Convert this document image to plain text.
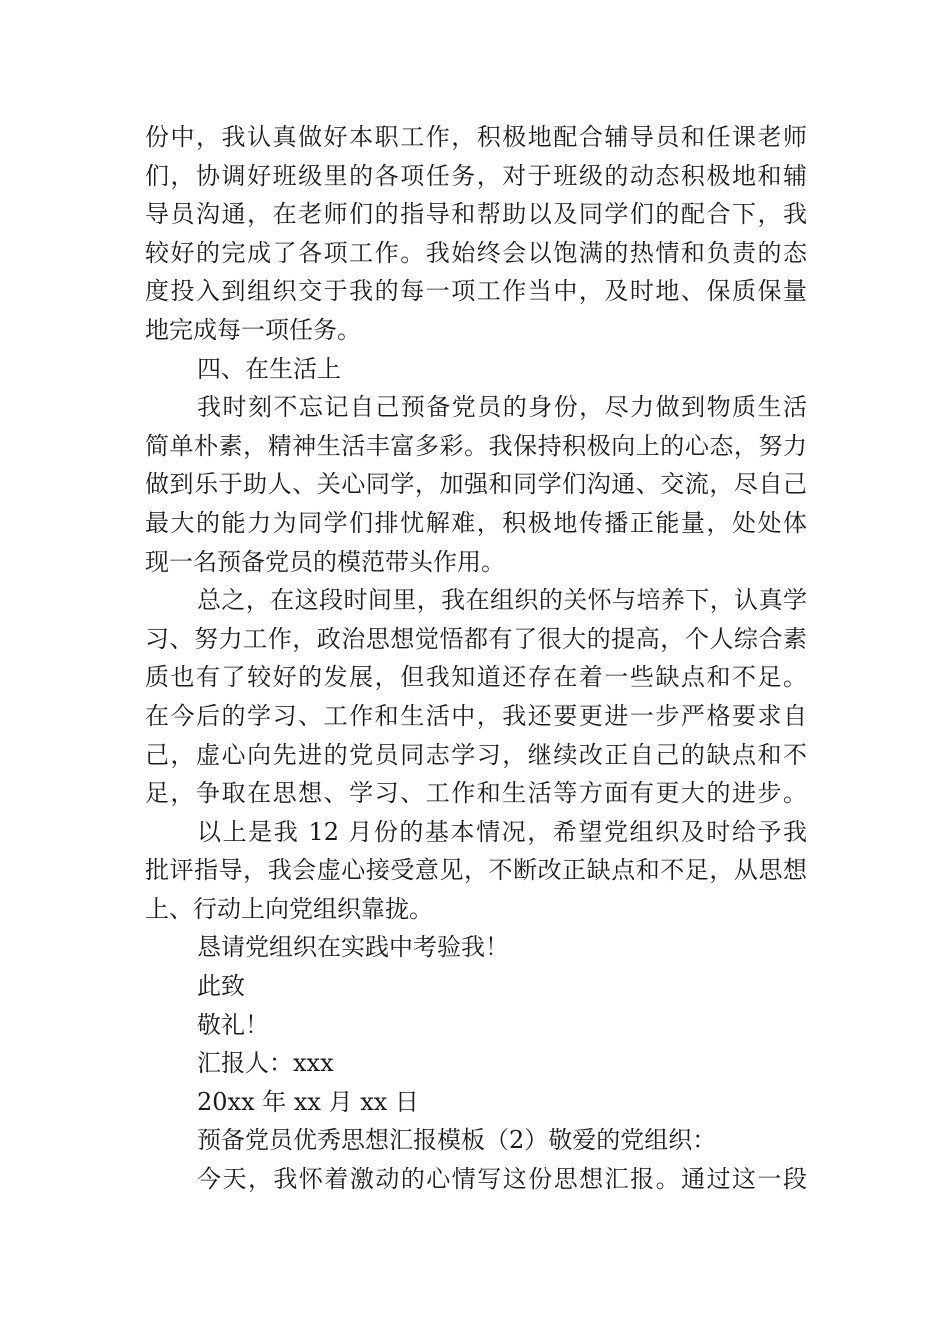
份中，我认真做好本职工作，积极地配合辅导员和任课老师
们，协调好班级里的各项任务，对于班级的动态积极地和辅
导员沟通，在老师们的指导和帮助以及同学们的配合下，我
较好的完成了各项工作。我始终会以饱满的热情和负责的态
度投入到组织交于我的每一项工作当中，及时地、保质保量
地完成每一项任务。
四、在生活上
我时刻不忘记自己预备党员的身份，尽力做到物质生活
简单朴素，精神生活丰富多彩。我保持积极向上的心态，努力
做到乐于助人、关心同学，加强和同学们沟通、交流，尽自己
最大的能力为同学们排忧解难，积极地传播正能量，处处体
现一名预备党员的模范带头作用。
总之，在这段时间里，我在组织的关怀与培养下，认真学
习、努力工作，政治思想觉悟都有了很大的提高，个人综合素
质也有了较好的发展，但我知道还存在着一些缺点和不足。
在今后的学习、工作和生活中，我还要更进一步严格要求自
己，虚心向先进的党员同志学习，继续改正自己的缺点和不
足，争取在思想、学习、工作和生活等方面有更大的进步。
以上是我 12 月份的基本情况，希望党组织及时给予我
批评指导，我会虚心接受意见，不断改正缺点和不足，从思想
上、行动上向党组织靠拢。
恳请党组织在实践中考验我！
此致
敬礼！
汇报人：xxx
20xx 年 xx 月 xx 日
预备党员优秀思想汇报模板（2）敬爱的党组织：
今天，我怀着激动的心情写这份思想汇报。通过这一段
